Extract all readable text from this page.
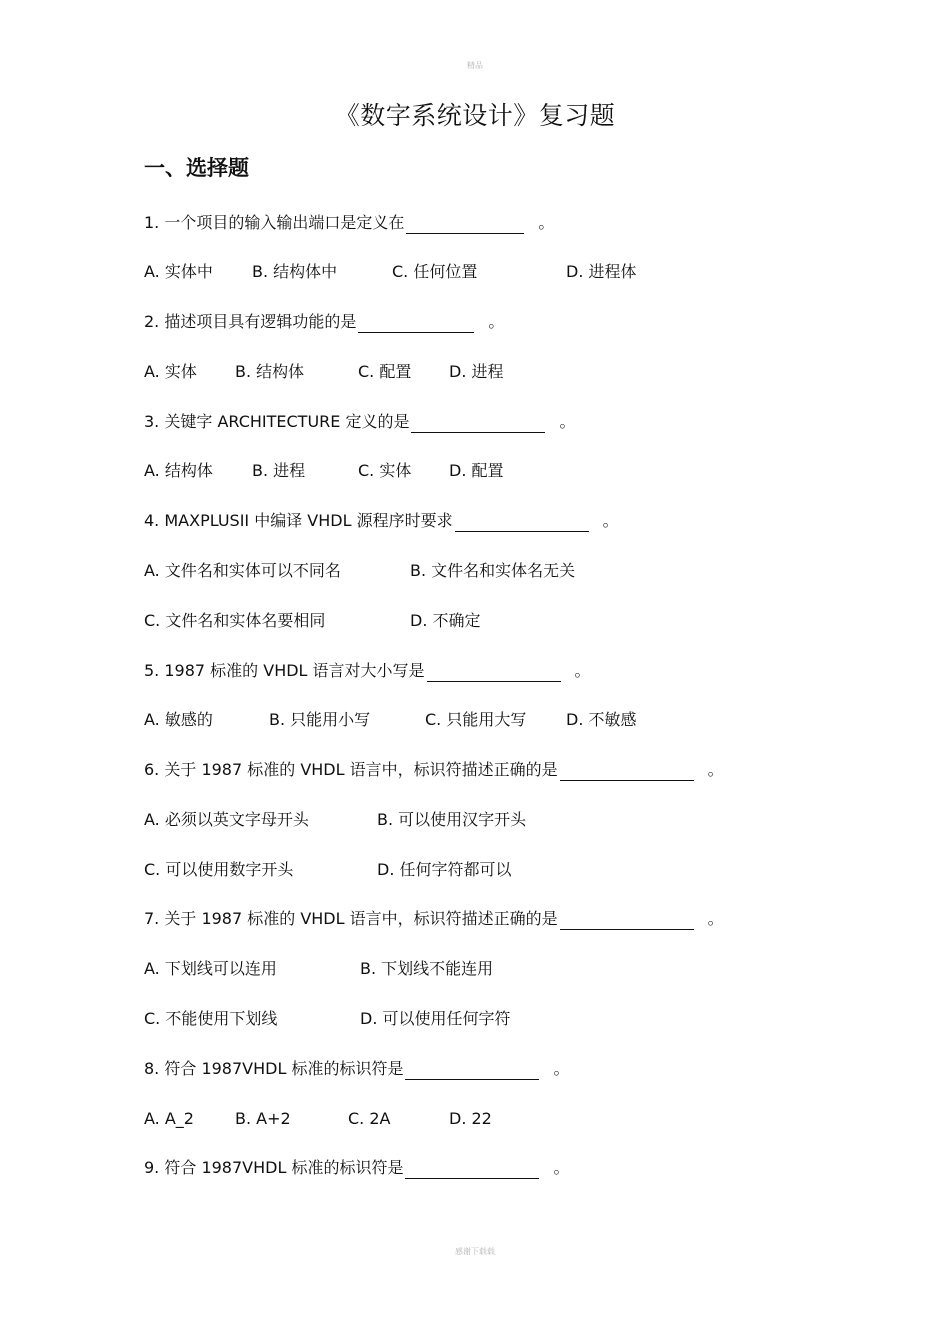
精品
《数字系统设计》复习题
一、选择题
1. 一个项目的输入输出端口是定义在	。
A. 实体中 B. 结构体中	C. 任何位置	D. 进程体
2. 描述项目具有逻辑功能的是	。
A. 实体 B. 结构体	C. 配置 D. 进程
3. 关键字 ARCHITECTURE 定义的是	。
A. 结构体 B. 进程	C. 实体 D. 配置
4. MAXPLUSII 中编译 VHDL 源程序时要求	。
A. 文件名和实体可以不同名	B. 文件名和实体名无关
C. 文件名和实体名要相同	D. 不确定
5. 1987 标准的 VHDL 语言对大小写是	。
A. 敏感的	B. 只能用小写	C. 只能用大写 D. 不敏感
6. 关于 1987 标准的 VHDL 语言中，标识符描述正确的是	。
A. 必须以英文字母开头	B. 可以使用汉字开头
C. 可以使用数字开头	D. 任何字符都可以
7. 关于 1987 标准的 VHDL 语言中，标识符描述正确的是	。
A. 下划线可以连用	B. 下划线不能连用
C. 不能使用下划线	D. 可以使用任何字符
8. 符合 1987VHDL 标准的标识符是	。
A. A_2	B. A+2	C. 2A	D. 22
9. 符合 1987VHDL 标准的标识符是	。
感谢下载载
